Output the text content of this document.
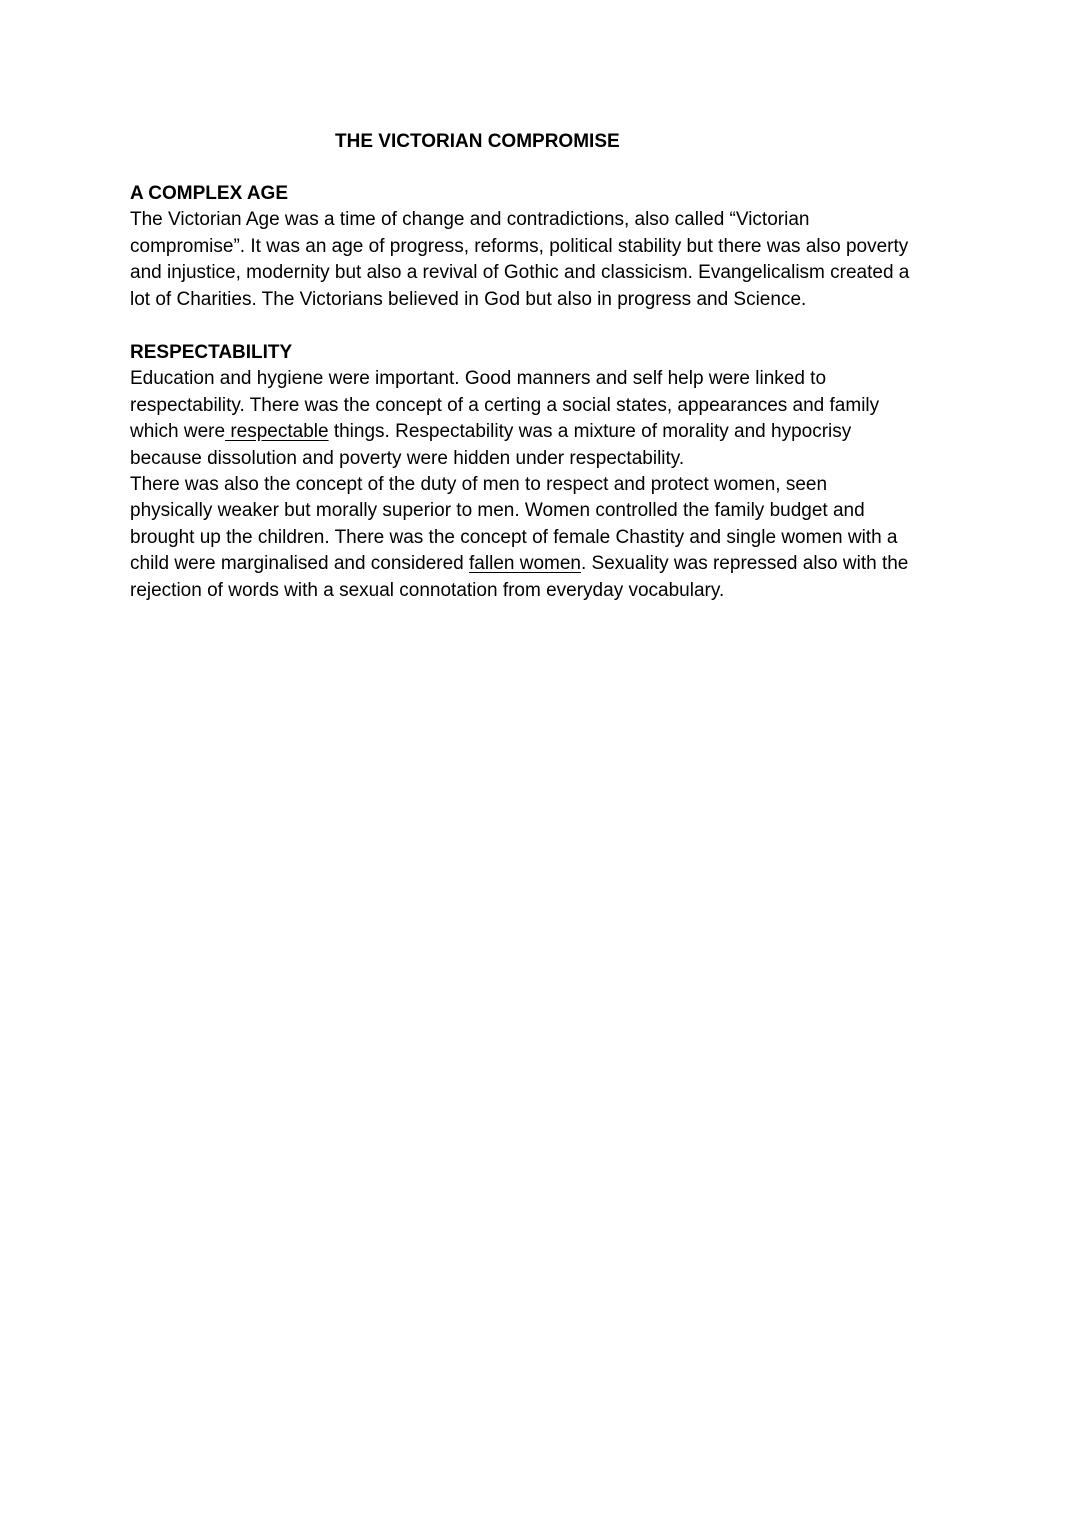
THE VICTORIAN COMPROMISE
A COMPLEX AGE

The Victorian Age was a time of change and contradictions, also called “Victorian
compromise”. It was an age of progress, reforms, political stability but there was also poverty
and injustice, modernity but also a revival of Gothic and classicism. Evangelicalism created a
lot of Charities. The Victorians believed in God but also in progress and Science.

RESPECTABILITY

Education and hygiene were important. Good manners and self help were linked to
respectability. There was the concept of a certing a social states, appearances and family
which were respectable things. Respectability was a mixture of morality and hypocrisy
because dissolution and poverty were hidden under respectability.
There was also the concept of the duty of men to respect and protect women, seen
physically weaker but morally superior to men. Women controlled the family budget and
brought up the children. There was the concept of female Chastity and single women with a
child were marginalised and considered fallen women. Sexuality was repressed also with the
rejection of words with a sexual connotation from everyday vocabulary.
